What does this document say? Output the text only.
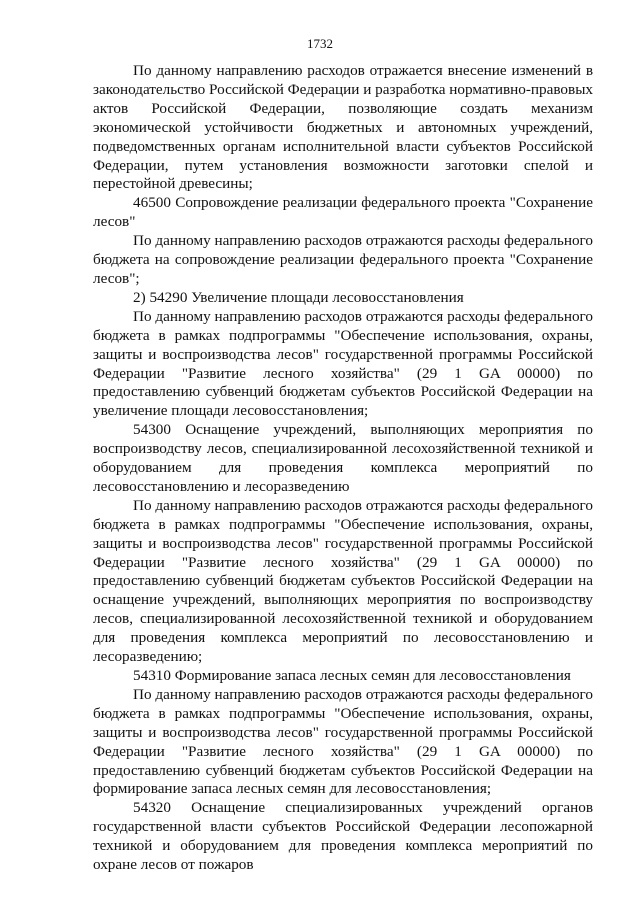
1732

По данному направлению расходов отражается внесение изменений в законодательство Российской Федерации и разработка нормативно-правовых актов Российской Федерации, позволяющие создать механизм экономической устойчивости бюджетных и автономных учреждений, подведомственных органам исполнительной власти субъектов Российской Федерации, путем установления возможности заготовки спелой и перестойной древесины;

46500 Сопровождение реализации федерального проекта "Сохранение лесов"

По данному направлению расходов отражаются расходы федерального бюджета на сопровождение реализации федерального проекта "Сохранение лесов";

2) 54290 Увеличение площади лесовосстановления

По данному направлению расходов отражаются расходы федерального бюджета в рамках подпрограммы "Обеспечение использования, охраны, защиты и воспроизводства лесов" государственной программы Российской Федерации "Развитие лесного хозяйства" (29 1 GA 00000) по предоставлению субвенций бюджетам субъектов Российской Федерации на увеличение площади лесовосстановления;

54300 Оснащение учреждений, выполняющих мероприятия по воспроизводству лесов, специализированной лесохозяйственной техникой и оборудованием для проведения комплекса мероприятий по лесовосстановлению и лесоразведению

По данному направлению расходов отражаются расходы федерального бюджета в рамках подпрограммы "Обеспечение использования, охраны, защиты и воспроизводства лесов" государственной программы Российской Федерации "Развитие лесного хозяйства" (29 1 GA 00000) по предоставлению субвенций бюджетам субъектов Российской Федерации на оснащение учреждений, выполняющих мероприятия по воспроизводству лесов, специализированной лесохозяйственной техникой и оборудованием для проведения комплекса мероприятий по лесовосстановлению и лесоразведению;

54310 Формирование запаса лесных семян для лесовосстановления

По данному направлению расходов отражаются расходы федерального бюджета в рамках подпрограммы "Обеспечение использования, охраны, защиты и воспроизводства лесов" государственной программы Российской Федерации "Развитие лесного хозяйства" (29 1 GA 00000) по предоставлению субвенций бюджетам субъектов Российской Федерации на формирование запаса лесных семян для лесовосстановления;

54320 Оснащение специализированных учреждений органов государственной власти субъектов Российской Федерации лесопожарной техникой и оборудованием для проведения комплекса мероприятий по охране лесов от пожаров
